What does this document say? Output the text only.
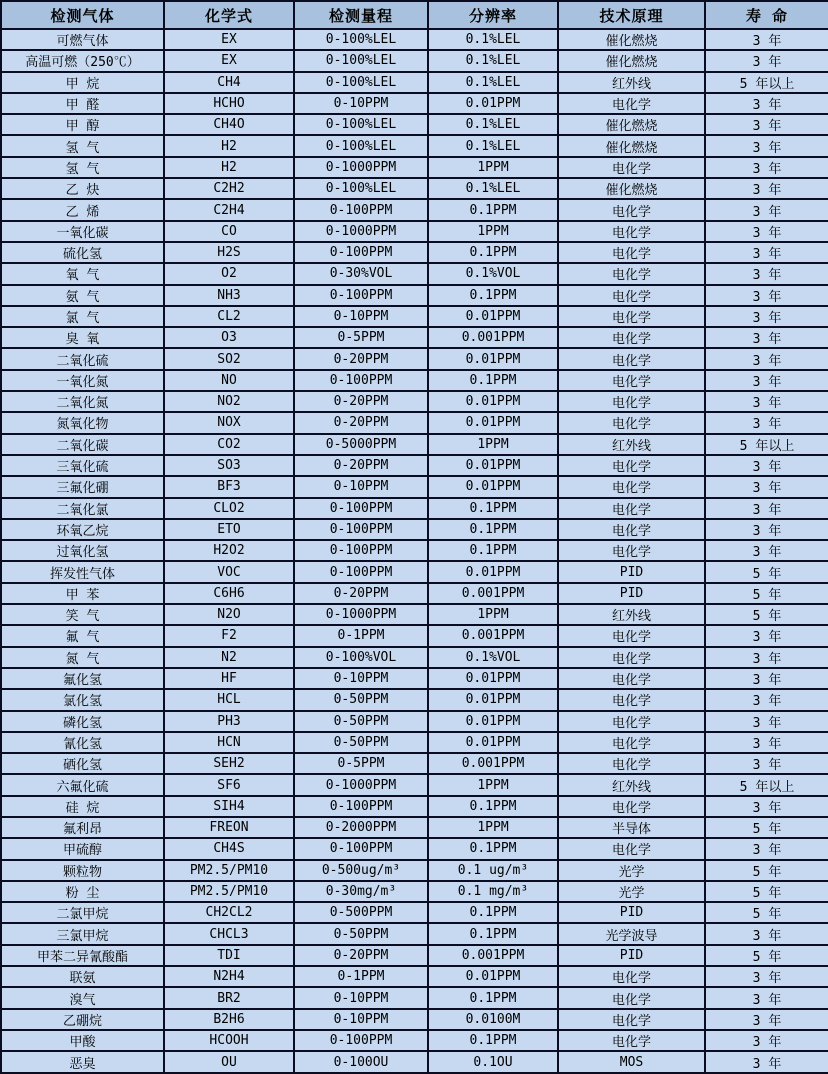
检测气体	化学式	检测量程	分辨率	技术原理	寿 命
可燃气体	EX	0-100%LEL	0.1%LEL	催化燃烧	3 年
高温可燃（250℃）	EX	0-100%LEL	0.1%LEL	催化燃烧	3 年
甲 烷	CH4	0-100%LEL	0.1%LEL	红外线	5 年以上
甲 醛	HCHO	0-10PPM	0.01PPM	电化学	3 年
甲 醇	CH4O	0-100%LEL	0.1%LEL	催化燃烧	3 年
氢 气	H2	0-100%LEL	0.1%LEL	催化燃烧	3 年
氢 气	H2	0-1000PPM	1PPM	电化学	3 年
乙 炔	C2H2	0-100%LEL	0.1%LEL	催化燃烧	3 年
乙 烯	C2H4	0-100PPM	0.1PPM	电化学	3 年
一氧化碳	CO	0-1000PPM	1PPM	电化学	3 年
硫化氢	H2S	0-100PPM	0.1PPM	电化学	3 年
氧 气	O2	0-30%VOL	0.1%VOL	电化学	3 年
氨 气	NH3	0-100PPM	0.1PPM	电化学	3 年
氯 气	CL2	0-10PPM	0.01PPM	电化学	3 年
臭 氧	O3	0-5PPM	0.001PPM	电化学	3 年
二氧化硫	SO2	0-20PPM	0.01PPM	电化学	3 年
一氧化氮	NO	0-100PPM	0.1PPM	电化学	3 年
二氧化氮	NO2	0-20PPM	0.01PPM	电化学	3 年
氮氧化物	NOX	0-20PPM	0.01PPM	电化学	3 年
二氧化碳	CO2	0-5000PPM	1PPM	红外线	5 年以上
三氧化硫	SO3	0-20PPM	0.01PPM	电化学	3 年
三氟化硼	BF3	0-10PPM	0.01PPM	电化学	3 年
二氧化氯	CLO2	0-100PPM	0.1PPM	电化学	3 年
环氧乙烷	ETO	0-100PPM	0.1PPM	电化学	3 年
过氧化氢	H2O2	0-100PPM	0.1PPM	电化学	3 年
挥发性气体	VOC	0-100PPM	0.01PPM	PID	5 年
甲 苯	C6H6	0-20PPM	0.001PPM	PID	5 年
笑 气	N2O	0-1000PPM	1PPM	红外线	5 年
氟 气	F2	0-1PPM	0.001PPM	电化学	3 年
氮 气	N2	0-100%VOL	0.1%VOL	电化学	3 年
氟化氢	HF	0-10PPM	0.01PPM	电化学	3 年
氯化氢	HCL	0-50PPM	0.01PPM	电化学	3 年
磷化氢	PH3	0-50PPM	0.01PPM	电化学	3 年
氰化氢	HCN	0-50PPM	0.01PPM	电化学	3 年
硒化氢	SEH2	0-5PPM	0.001PPM	电化学	3 年
六氟化硫	SF6	0-1000PPM	1PPM	红外线	5 年以上
硅 烷	SIH4	0-100PPM	0.1PPM	电化学	3 年
氟利昂	FREON	0-2000PPM	1PPM	半导体	5 年
甲硫醇	CH4S	0-100PPM	0.1PPM	电化学	3 年
颗粒物	PM2.5/PM10	0-500ug/m³	0.1 ug/m³	光学	5 年
粉 尘	PM2.5/PM10	0-30mg/m³	0.1 mg/m³	光学	5 年
二氯甲烷	CH2CL2	0-500PPM	0.1PPM	PID	5 年
三氯甲烷	CHCL3	0-50PPM	0.1PPM	光学波导	3 年
甲苯二异氰酸酯	TDI	0-20PPM	0.001PPM	PID	5 年
联氨	N2H4	0-1PPM	0.01PPM	电化学	3 年
溴气	BR2	0-10PPM	0.1PPM	电化学	3 年
乙硼烷	B2H6	0-10PPM	0.0100M	电化学	3 年
甲酸	HCOOH	0-100PPM	0.1PPM	电化学	3 年
恶臭	OU	0-100OU	0.1OU	MOS	3 年
